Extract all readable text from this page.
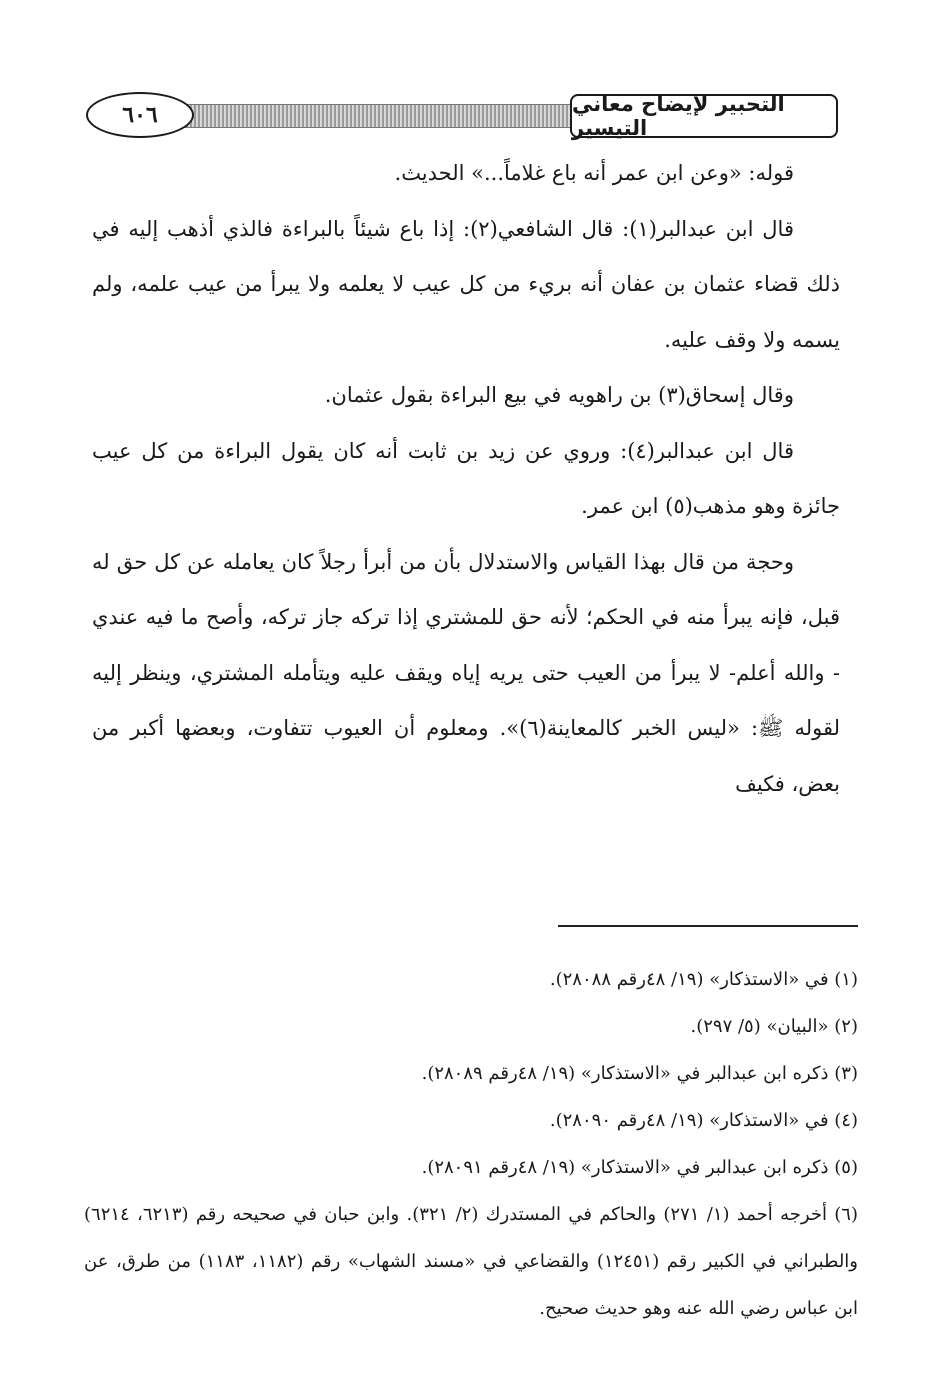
٦٠٦	التحبير لإيضاح معاني التيسير

قوله: «وعن ابن عمر أنه باع غلاماً...» الحديث.

قال ابن عبدالبر(١): قال الشافعي(٢): إذا باع شيئاً بالبراءة فالذي أذهب إليه في ذلك قضاء عثمان بن عفان أنه بريء من كل عيب لا يعلمه ولا يبرأ من عيب علمه، ولم يسمه ولا وقف عليه.

وقال إسحاق(٣) بن راهويه في بيع البراءة بقول عثمان.

قال ابن عبدالبر(٤): وروي عن زيد بن ثابت أنه كان يقول البراءة من كل عيب جائزة وهو مذهب(٥) ابن عمر.

وحجة من قال بهذا القياس والاستدلال بأن من أبرأ رجلاً كان يعامله عن كل حق له قبل، فإنه يبرأ منه في الحكم؛ لأنه حق للمشتري إذا تركه جاز تركه، وأصح ما فيه عندي - والله أعلم- لا يبرأ من العيب حتى يريه إياه ويقف عليه ويتأمله المشتري، وينظر إليه لقوله ﷺ: «ليس الخبر كالمعاينة(٦)». ومعلوم أن العيوب تتفاوت، وبعضها أكبر من بعض، فكيف

(١) في «الاستذكار» (١٩/ ٤٨رقم ٢٨٠٨٨).

(٢) «البيان» (٥/ ٢٩٧).

(٣) ذكره ابن عبدالبر في «الاستذكار» (١٩/ ٤٨رقم ٢٨٠٨٩).

(٤) في «الاستذكار» (١٩/ ٤٨رقم ٢٨٠٩٠).

(٥) ذكره ابن عبدالبر في «الاستذكار» (١٩/ ٤٨رقم ٢٨٠٩١).

(٦) أخرجه أحمد (١/ ٢٧١) والحاكم في المستدرك (٢/ ٣٢١). وابن حبان في صحيحه رقم (٦٢١٣، ٦٢١٤) والطبراني في الكبير رقم (١٢٤٥١) والقضاعي في «مسند الشهاب» رقم (١١٨٢، ١١٨٣) من طرق، عن ابن عباس رضي الله عنه وهو حديث صحيح.
